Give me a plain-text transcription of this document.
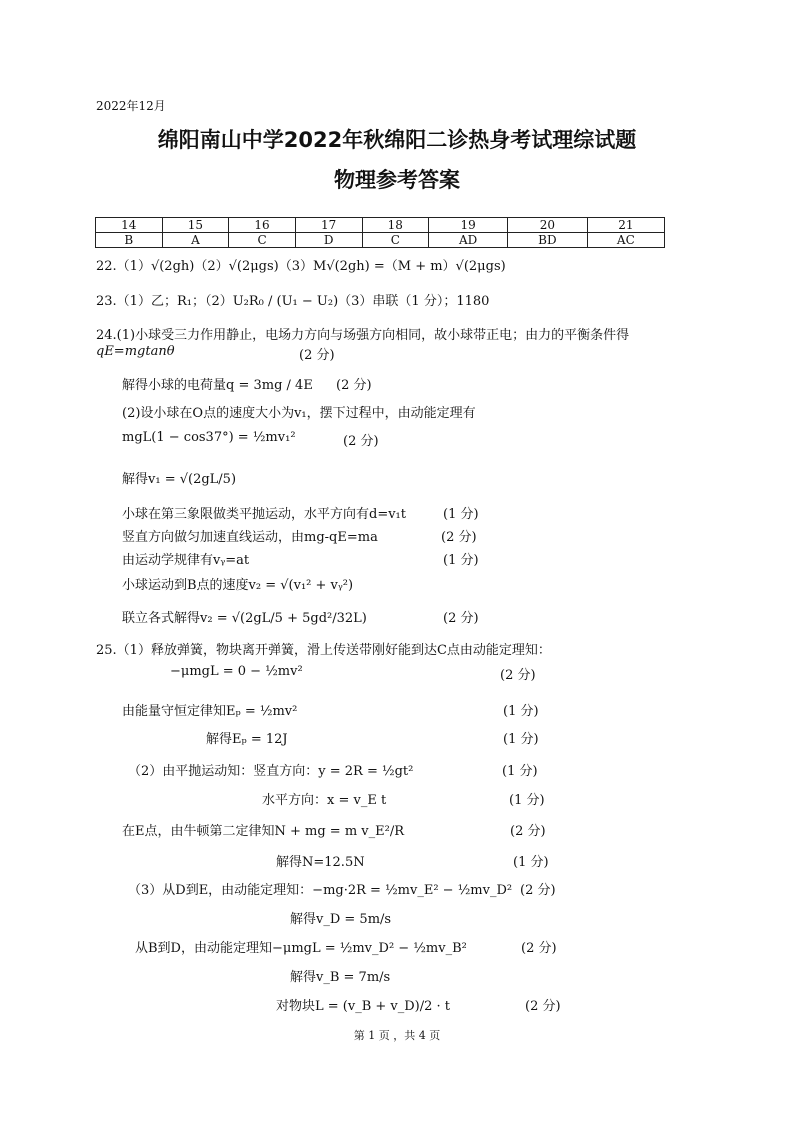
2022年12月
绵阳南山中学2022年秋绵阳二诊热身考试理综试题
物理参考答案
14	15	16	17	18	19	20	21
B	A	C	D	C	AD	BD	AC
22.（1）√(2gh)（2）√(2μgs)（3）M√(2gh) =（M + m）√(2μgs)
23.（1）乙；R₁；（2）U₂R₀ / (U₁ − U₂)（3）串联（1 分）；1180
24.(1)小球受三力作用静止，电场力方向与场强方向相同，故小球带正电；由力的平衡条件得
qE=mgtanθ	(2 分)
解得小球的电荷量q = 3mg / 4E (2 分)
(2)设小球在O点的速度大小为v₁，摆下过程中，由动能定理有
mgL(1 − cos37°) = ½mv₁²	(2 分)
解得v₁ = √(2gL/5)
小球在第三象限做类平抛运动，水平方向有d=v₁t	(1 分)
竖直方向做匀加速直线运动，由mg-qE=ma	(2 分)
由运动学规律有vᵧ=at	(1 分)
小球运动到B点的速度v₂ = √(v₁² + vᵧ²)
联立各式解得v₂ = √(2gL/5 + 5gd²/32L)	(2 分)
25.（1）释放弹簧，物块离开弹簧，滑上传送带刚好能到达C点由动能定理知：
−μmgL = 0 − ½mv²	(2 分)
由能量守恒定律知Eₚ = ½mv²	(1 分)
解得Eₚ = 12J	(1 分)
（2）由平抛运动知：竖直方向：y = 2R = ½gt²	(1 分)
水平方向：x = v_E t	(1 分)
在E点，由牛顿第二定律知N + mg = m v_E²/R	(2 分)
解得N=12.5N	(1 分)
（3）从D到E，由动能定理知：−mg·2R = ½mv_E² − ½mv_D² (2 分)
解得v_D = 5m/s
从B到D，由动能定理知−μmgL = ½mv_D² − ½mv_B²	(2 分)
解得v_B = 7m/s
对物块L = (v_B + v_D)/2 · t	(2 分)
第 1 页 ，共 4 页
